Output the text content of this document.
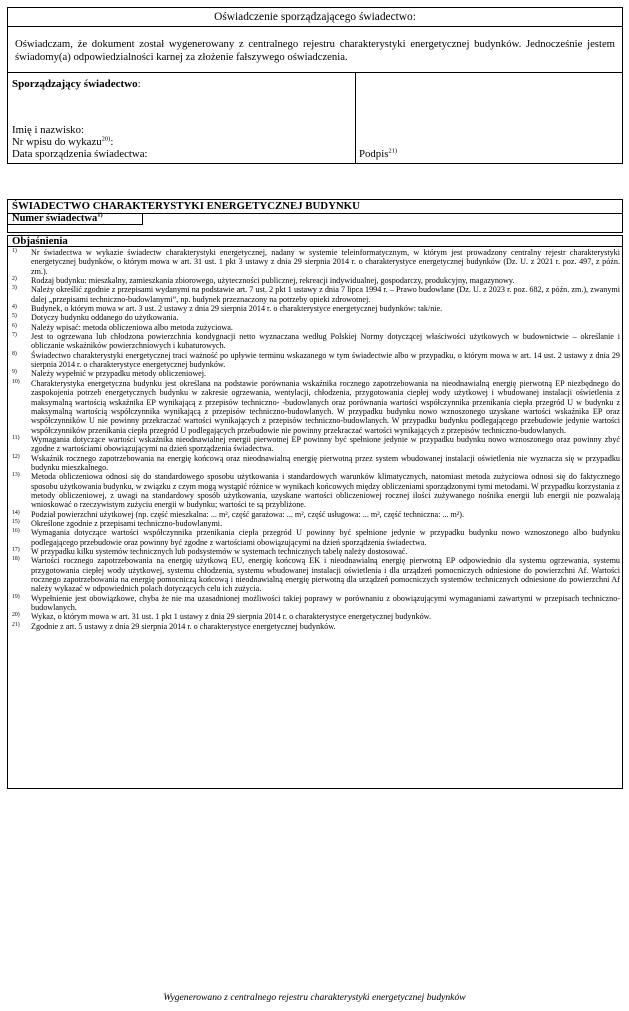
Oświadczenie sporządzającego świadectwo:
Oświadczam, że dokument został wygenerowany z centralnego rejestru charakterystyki energetycznej budynków. Jednocześnie jestem świadomy(a) odpowiedzialności karnej za złożenie fałszywego oświadczenia.
Sporządzający świadectwo:
Imię i nazwisko:
Nr wpisu do wykazu$^{20)}$:
Data sporządzenia świadectwa:	Podpis$^{21)}$
ŚWIADECTWO CHARAKTERYSTYKI ENERGETYCZNEJ BUDYNKU
Numer świadectwa$^{1)}$
Objaśnienia
1)	Nr świadectwa w wykazie świadectw charakterystyki energetycznej, nadany w systemie teleinformatycznym, w którym jest prowadzony centralny rejestr charakterystyki energetycznej budynków, o którym mowa w art. 31 ust. 1 pkt 3 ustawy z dnia 29 sierpnia 2014 r. o charakterystyce energetycznej budynków (Dz. U. z 2021 r. poz. 497, z późn. zm.).
2)	Rodzaj budynku: mieszkalny, zamieszkania zbiorowego, użyteczności publicznej, rekreacji indywidualnej, gospodarczy, produkcyjny, magazynowy.
3)	Należy określić zgodnie z przepisami wydanymi na podstawie art. 7 ust. 2 pkt 1 ustawy z dnia 7 lipca 1994 r. – Prawo budowlane (Dz. U. z 2023 r. poz. 682, z późn. zm.), zwanymi dalej „przepisami techniczno-budowlanymi”, np. budynek przeznaczony na potrzeby opieki zdrowotnej.
4)	Budynek, o którym mowa w art. 3 ust. 2 ustawy z dnia 29 sierpnia 2014 r. o charakterystyce energetycznej budynków: tak/nie.
5)	Dotyczy budynku oddanego do użytkowania.
6)	Należy wpisać: metoda obliczeniowa albo metoda zużyciowa.
7)	Jest to ogrzewana lub chłodzona powierzchnia kondygnacji netto wyznaczana według Polskiej Normy dotyczącej właściwości użytkowych w budownictwie – określanie i obliczanie wskaźników powierzchniowych i kubaturowych.
8)	Świadectwo charakterystyki energetycznej traci ważność po upływie terminu wskazanego w tym świadectwie albo w przypadku, o którym mowa w art. 14 ust. 2 ustawy z dnia 29 sierpnia 2014 r. o charakterystyce energetycznej budynków.
9)	Należy wypełnić w przypadku metody obliczeniowej.
10)	Charakterystyka energetyczna budynku jest określana na podstawie porównania wskaźnika rocznego zapotrzebowania na nieodnawialną energię pierwotną EP niezbędnego do zaspokojenia potrzeb energetycznych budynku w zakresie ogrzewania, wentylacji, chłodzenia, przygotowania ciepłej wody użytkowej i wbudowanej instalacji oświetlenia z maksymalną wartością wskaźnika EP wynikającą z przepisów techniczno- -budowlanych oraz porównania wartości współczynnika przenikania ciepła przegród U w budynku z maksymalną wartością współczynnika wynikającą z przepisów techniczno-budowlanych. W przypadku budynku nowo wznoszonego uzyskane wartości wskaźnika EP oraz współczynników U nie powinny przekraczać wartości wynikających z przepisów techniczno-budowlanych. W przypadku budynku podlegającego przebudowie jedynie wartości współczynników przenikania ciepła przegród U podlegających przebudowie nie powinny przekraczać wartości wynikających z przepisów techniczno-budowlanych.
11)	Wymagania dotyczące wartości wskaźnika nieodnawialnej energii pierwotnej EP powinny być spełnione jedynie w przypadku budynku nowo wznoszonego oraz powinny zbyć zgodne z wartościami obowiązującymi na dzień sporządzenia świadectwa.
12)	Wskaźnik rocznego zapotrzebowania na energię końcową oraz nieodnawialną energię pierwotną przez system wbudowanej instalacji oświetlenia nie wyznacza się w przypadku budynku mieszkalnego.
13)	Metoda obliczeniowa odnosi się do standardowego sposobu użytkowania i standardowych warunków klimatycznych, natomiast metoda zużyciowa odnosi się do faktycznego sposobu użytkowania budynku, w związku z czym mogą wystąpić różnice w wynikach końcowych między obliczeniami sporządzonymi tymi metodami. W przypadku korzystania z metody obliczeniowej, z uwagi na standardowy sposób użytkowania, uzyskane wartości obliczeniowej rocznej ilości zużywanego nośnika energii lub energii nie pozwalają wnioskować o rzeczywistym zużyciu energii w budynku; wartości te są przybliżone.
14)	Podział powierzchni użytkowej (np. część mieszkalna: ... m², część garażowa: ... m², część usługowa: ... m², część techniczna: ... m²).
15)	Określone zgodnie z przepisami techniczno-budowlanymi.
16)	Wymagania dotyczące wartości współczynnika przenikania ciepła przegród U powinny być spełnione jedynie w przypadku budynku nowo wznoszonego albo budynku podlegającego przebudowie oraz powinny być zgodne z wartościami obowiązującymi na dzień sporządzenia świadectwa.
17)	W przypadku kilku systemów technicznych lub podsystemów w systemach technicznych tabelę należy dostosować.
18)	Wartości rocznego zapotrzebowania na energię użytkową EU, energię końcową EK i nieodnawialną energię pierwotną EP odpowiednio dla systemu ogrzewania, systemu przygotowania ciepłej wody użytkowej, systemu chłodzenia, systemu wbudowanej instalacji oświetlenia i dla urządzeń pomocniczych odniesione do powierzchni Af. Wartości rocznego zapotrzebowania na energię pomocniczą końcową i nieodnawialną energię pierwotną dla urządzeń pomocniczych systemów technicznych odniesione do powierzchni Af należy wykazać w odpowiednich polach dotyczących celu ich zużycia.
19)	Wypełnienie jest obowiązkowe, chyba że nie ma uzasadnionej możliwości takiej poprawy w porównaniu z obowiązującymi wymaganiami zawartymi w przepisach techniczno-budowlanych.
20)	Wykaz, o którym mowa w art. 31 ust. 1 pkt 1 ustawy z dnia 29 sierpnia 2014 r. o charakterystyce energetycznej budynków.
21)	Zgodnie z art. 5 ustawy z dnia 29 sierpnia 2014 r. o charakterystyce energetycznej budynków.
Wygenerowano z centralnego rejestru charakterystyki energetycznej budynków
